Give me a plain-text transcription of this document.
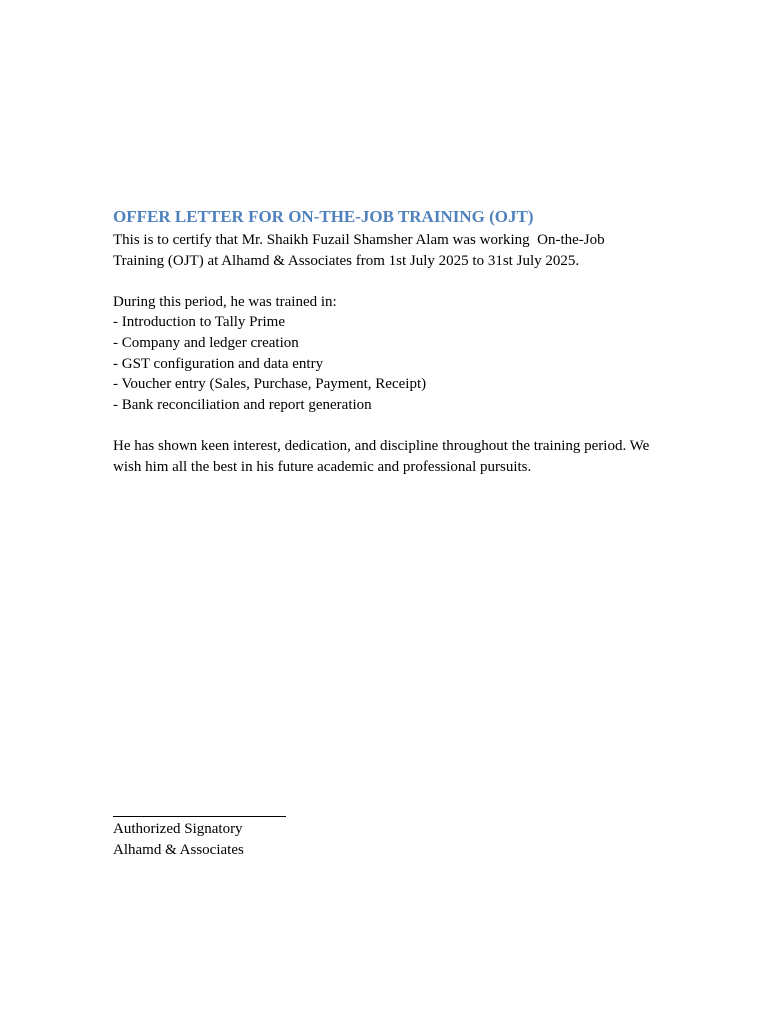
OFFER LETTER FOR ON-THE-JOB TRAINING (OJT)

This is to certify that Mr. Shaikh Fuzail Shamsher Alam was working  On-the-Job
Training (OJT) at Alhamd & Associates from 1st July 2025 to 31st July 2025.

During this period, he was trained in:

- Introduction to Tally Prime
- Company and ledger creation
- GST configuration and data entry
- Voucher entry (Sales, Purchase, Payment, Receipt)
- Bank reconciliation and report generation

He has shown keen interest, dedication, and discipline throughout the training period. We
wish him all the best in his future academic and professional pursuits.

Authorized Signatory

Alhamd & Associates
